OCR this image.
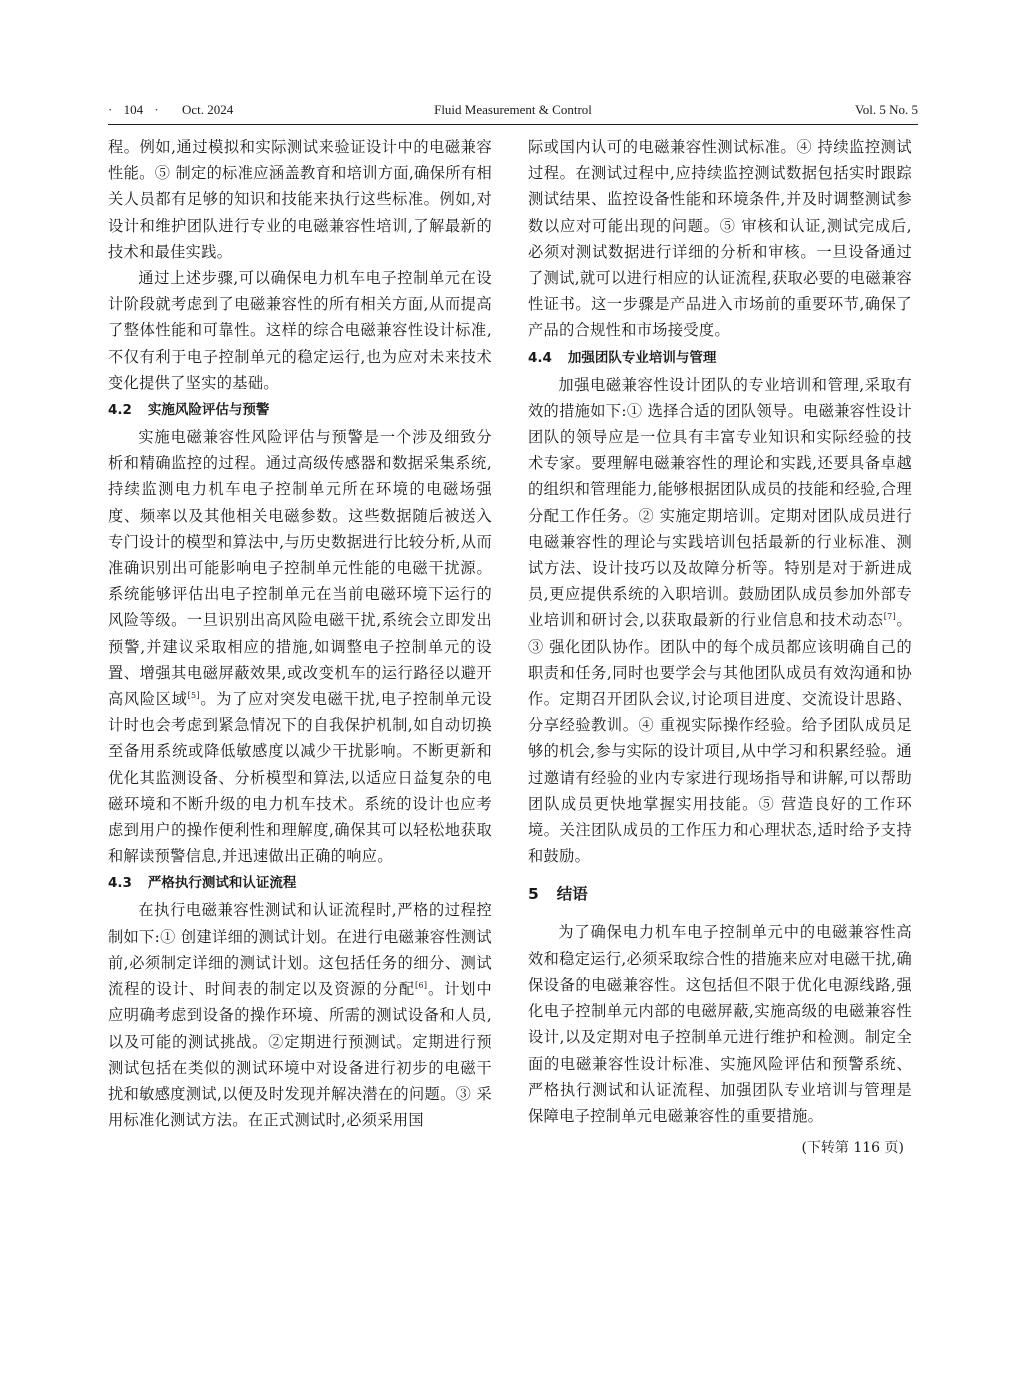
· 104 · Oct. 2024	Fluid Measurement & Control	Vol. 5 No. 5

程。例如,通过模拟和实际测试来验证设计中的电磁兼容性能。⑤ 制定的标准应涵盖教育和培训方面,确保所有相关人员都有足够的知识和技能来执行这些标准。例如,对设计和维护团队进行专业的电磁兼容性培训,了解最新的技术和最佳实践。

通过上述步骤,可以确保电力机车电子控制单元在设计阶段就考虑到了电磁兼容性的所有相关方面,从而提高了整体性能和可靠性。这样的综合电磁兼容性设计标准,不仅有利于电子控制单元的稳定运行,也为应对未来技术变化提供了坚实的基础。

4.2 实施风险评估与预警

实施电磁兼容性风险评估与预警是一个涉及细致分析和精确监控的过程。通过高级传感器和数据采集系统,持续监测电力机车电子控制单元所在环境的电磁场强度、频率以及其他相关电磁参数。这些数据随后被送入专门设计的模型和算法中,与历史数据进行比较分析,从而准确识别出可能影响电子控制单元性能的电磁干扰源。系统能够评估出电子控制单元在当前电磁环境下运行的风险等级。一旦识别出高风险电磁干扰,系统会立即发出预警,并建议采取相应的措施,如调整电子控制单元的设置、增强其电磁屏蔽效果,或改变机车的运行路径以避开高风险区域[5]。为了应对突发电磁干扰,电子控制单元设计时也会考虑到紧急情况下的自我保护机制,如自动切换至备用系统或降低敏感度以减少干扰影响。不断更新和优化其监测设备、分析模型和算法,以适应日益复杂的电磁环境和不断升级的电力机车技术。系统的设计也应考虑到用户的操作便利性和理解度,确保其可以轻松地获取和解读预警信息,并迅速做出正确的响应。

4.3 严格执行测试和认证流程

在执行电磁兼容性测试和认证流程时,严格的过程控制如下:① 创建详细的测试计划。在进行电磁兼容性测试前,必须制定详细的测试计划。这包括任务的细分、测试流程的设计、时间表的制定以及资源的分配[6]。计划中应明确考虑到设备的操作环境、所需的测试设备和人员,以及可能的测试挑战。②定期进行预测试。定期进行预测试包括在类似的测试环境中对设备进行初步的电磁干扰和敏感度测试,以便及时发现并解决潜在的问题。③ 采用标准化测试方法。在正式测试时,必须采用国

际或国内认可的电磁兼容性测试标准。④ 持续监控测试过程。在测试过程中,应持续监控测试数据包括实时跟踪测试结果、监控设备性能和环境条件,并及时调整测试参数以应对可能出现的问题。⑤ 审核和认证,测试完成后,必须对测试数据进行详细的分析和审核。一旦设备通过了测试,就可以进行相应的认证流程,获取必要的电磁兼容性证书。这一步骤是产品进入市场前的重要环节,确保了产品的合规性和市场接受度。

4.4 加强团队专业培训与管理

加强电磁兼容性设计团队的专业培训和管理,采取有效的措施如下:① 选择合适的团队领导。电磁兼容性设计团队的领导应是一位具有丰富专业知识和实际经验的技术专家。要理解电磁兼容性的理论和实践,还要具备卓越的组织和管理能力,能够根据团队成员的技能和经验,合理分配工作任务。② 实施定期培训。定期对团队成员进行电磁兼容性的理论与实践培训包括最新的行业标准、测试方法、设计技巧以及故障分析等。特别是对于新进成员,更应提供系统的入职培训。鼓励团队成员参加外部专业培训和研讨会,以获取最新的行业信息和技术动态[7]。③ 强化团队协作。团队中的每个成员都应该明确自己的职责和任务,同时也要学会与其他团队成员有效沟通和协作。定期召开团队会议,讨论项目进度、交流设计思路、分享经验教训。④ 重视实际操作经验。给予团队成员足够的机会,参与实际的设计项目,从中学习和积累经验。通过邀请有经验的业内专家进行现场指导和讲解,可以帮助团队成员更快地掌握实用技能。⑤ 营造良好的工作环境。关注团队成员的工作压力和心理状态,适时给予支持和鼓励。

5 结语

为了确保电力机车电子控制单元中的电磁兼容性高效和稳定运行,必须采取综合性的措施来应对电磁干扰,确保设备的电磁兼容性。这包括但不限于优化电源线路,强化电子控制单元内部的电磁屏蔽,实施高级的电磁兼容性设计,以及定期对电子控制单元进行维护和检测。制定全面的电磁兼容性设计标准、实施风险评估和预警系统、严格执行测试和认证流程、加强团队专业培训与管理是保障电子控制单元电磁兼容性的重要措施。

(下转第 116 页)
